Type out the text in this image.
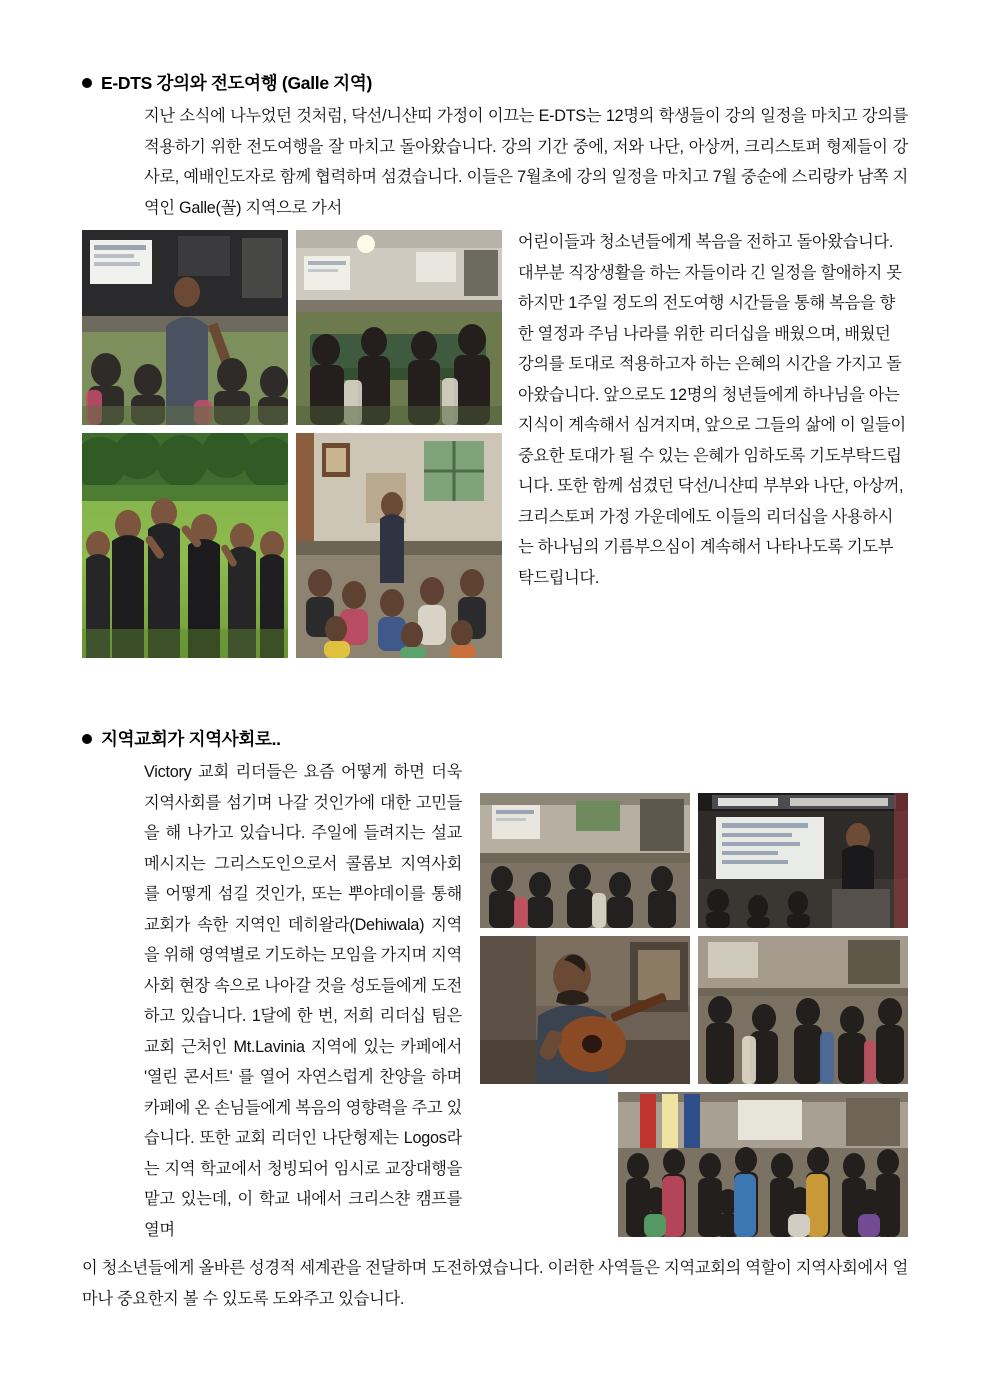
E-DTS 강의와 전도여행 (Galle 지역)
지난 소식에 나누었던 것처럼, 닥선/니샨띠 가정이 이끄는 E-DTS는 12명의 학생들이 강의 일정을 마치고 강의를 적용하기 위한 전도여행을 잘 마치고 돌아왔습니다. 강의 기간 중에, 저와 나단, 아상꺼, 크리스토퍼 형제들이 강사로, 예배인도자로 함께 협력하며 섬겼습니다. 이들은 7월초에 강의 일정을 마치고 7월 중순에 스리랑카 남쪽 지역인 Galle(꼴) 지역으로 가서
어린이들과 청소년들에게 복음을 전하고 돌아왔습니다. 대부분 직장생활을 하는 자들이라 긴 일정을 할애하지 못하지만 1주일 정도의 전도여행 시간들을 통해 복음을 향한 열정과 주님 나라를 위한 리더십을 배웠으며, 배웠던 강의를 토대로 적용하고자 하는 은혜의 시간을 가지고 돌아왔습니다. 앞으로도 12명의 청년들에게 하나님을 아는 지식이 계속해서 심겨지며, 앞으로 그들의 삶에 이 일들이 중요한 토대가 될 수 있는 은혜가 임하도록 기도부탁드립니다. 또한 함께 섬겼던 닥선/니샨띠 부부와 나단, 아상꺼, 크리스토퍼 가정 가운데에도 이들의 리더십을 사용하시는 하나님의 기름부으심이 계속해서 나타나도록 기도부탁드립니다.
지역교회가 지역사회로..
Victory 교회 리더들은 요즘 어떻게 하면 더욱 지역사회를 섬기며 나갈 것인가에 대한 고민들을 해 나가고 있습니다. 주일에 들려지는 설교 메시지는 그리스도인으로서 콜롬보 지역사회를 어떻게 섬길 것인가, 또는 뿌야데이를 통해 교회가 속한 지역인 데히왈라(Dehiwala) 지역을 위해 영역별로 기도하는 모임을 가지며 지역사회 현장 속으로 나아갈 것을 성도들에게 도전하고 있습니다. 1달에 한 번, 저희 리더십 팀은 교회 근처인 Mt.Lavinia 지역에 있는 카페에서 '열린 콘서트' 를 열어 자연스럽게 찬양을 하며 카페에 온 손님들에게 복음의 영향력을 주고 있습니다. 또한 교회 리더인 나단형제는 Logos라는 지역 학교에서 청빙되어 임시로 교장대행을 맡고 있는데, 이 학교 내에서 크리스챤 캠프를 열며
이 청소년들에게 올바른 성경적 세계관을 전달하며 도전하였습니다. 이러한 사역들은 지역교회의 역할이 지역사회에서 얼마나 중요한지 볼 수 있도록 도와주고 있습니다.
